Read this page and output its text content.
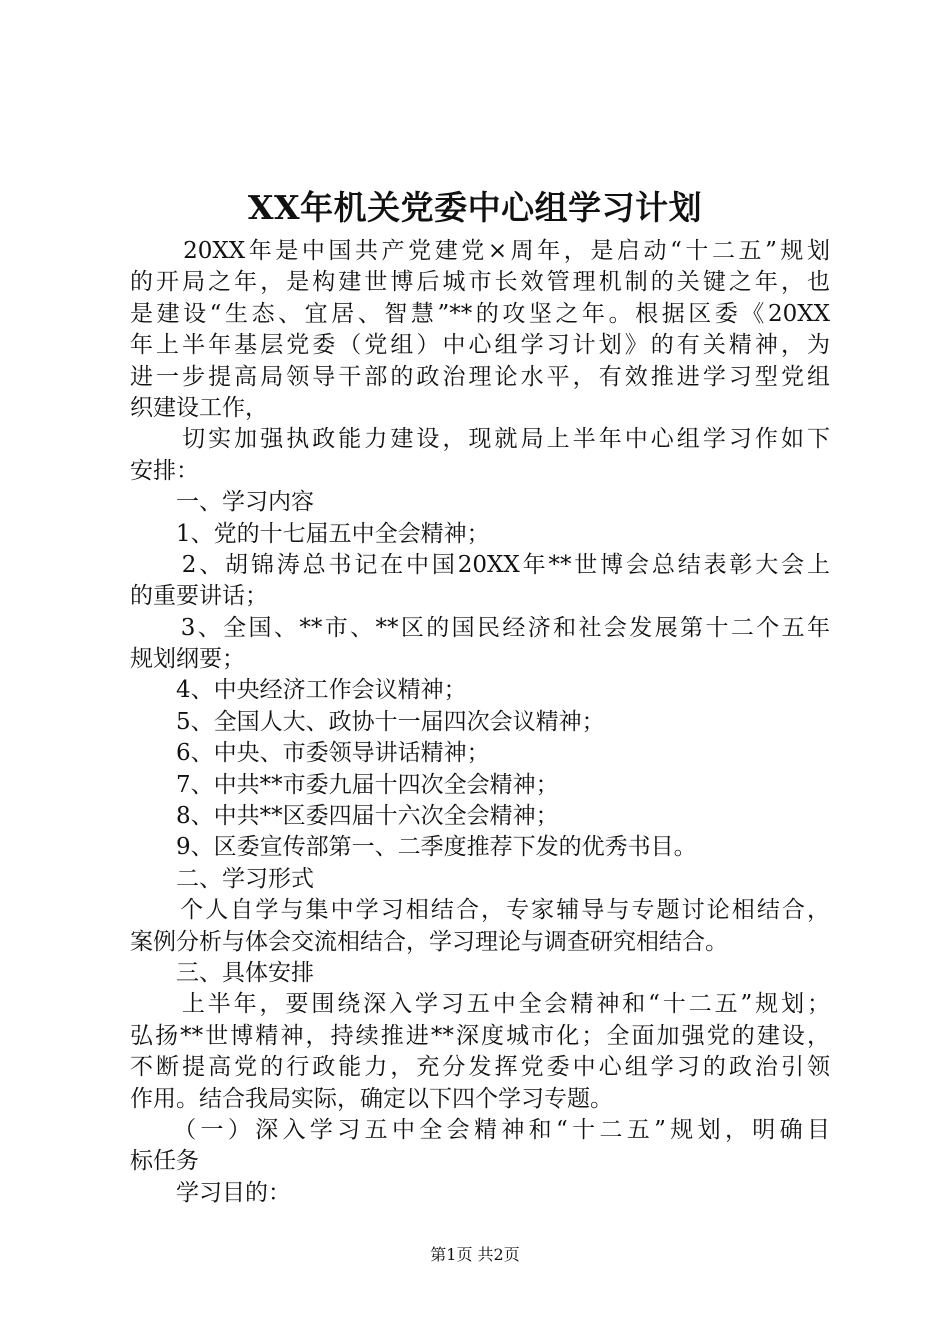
XX年机关党委中心组学习计划
　　20XX年是中国共产党建党×周年，是启动“十二五”规划
的开局之年，是构建世博后城市长效管理机制的关键之年，也
是建设“生态、宜居、智慧”**的攻坚之年。根据区委《20XX
年上半年基层党委（党组）中心组学习计划》的有关精神，为
进一步提高局领导干部的政治理论水平，有效推进学习型党组
织建设工作，
　　切实加强执政能力建设，现就局上半年中心组学习作如下
安排：
　　一、学习内容
　　1、党的十七届五中全会精神；
　　2、胡锦涛总书记在中国20XX年**世博会总结表彰大会上
的重要讲话；
　　3、全国、**市、**区的国民经济和社会发展第十二个五年
规划纲要；
　　4、中央经济工作会议精神；
　　5、全国人大、政协十一届四次会议精神；
　　6、中央、市委领导讲话精神；
　　7、中共**市委九届十四次全会精神；
　　8、中共**区委四届十六次全会精神；
　　9、区委宣传部第一、二季度推荐下发的优秀书目。
　　二、学习形式
　　个人自学与集中学习相结合，专家辅导与专题讨论相结合，
案例分析与体会交流相结合，学习理论与调查研究相结合。
　　三、具体安排
　　上半年，要围绕深入学习五中全会精神和“十二五”规划；
弘扬**世博精神，持续推进**深度城市化；全面加强党的建设，
不断提高党的行政能力，充分发挥党委中心组学习的政治引领
作用。结合我局实际，确定以下四个学习专题。
　　（一）深入学习五中全会精神和“十二五”规划，明确目
标任务
　　学习目的：
第1页 共2页
